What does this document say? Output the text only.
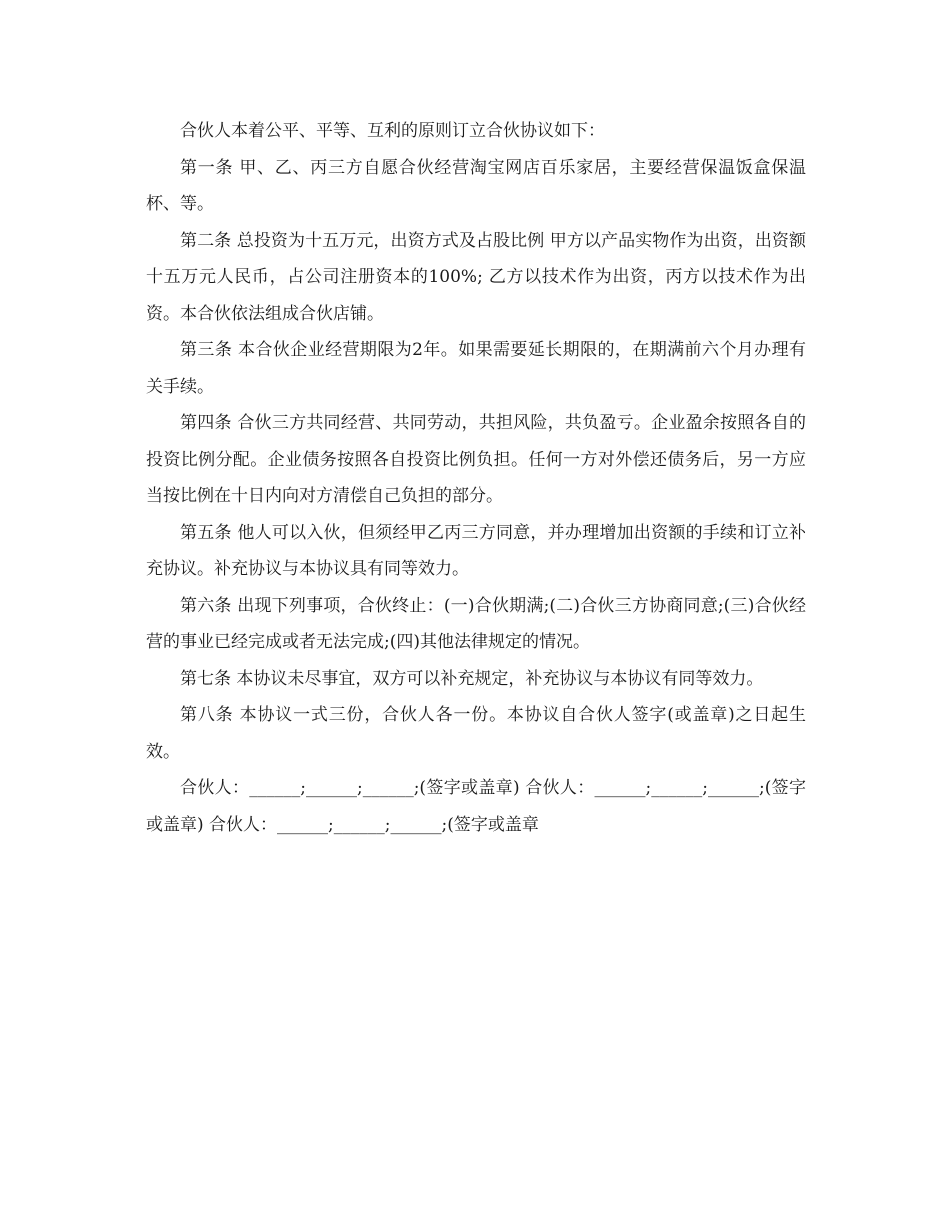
合伙人本着公平、平等、互利的原则订立合伙协议如下：

第一条 甲、乙、丙三方自愿合伙经营淘宝网店百乐家居，主要经营保温饭盒保温杯、等。

第二条 总投资为十五万元，出资方式及占股比例 甲方以产品实物作为出资，出资额十五万元人民币，占公司注册资本的100%; 乙方以技术作为出资，丙方以技术作为出资。本合伙依法组成合伙店铺。

第三条 本合伙企业经营期限为2年。如果需要延长期限的，在期满前六个月办理有关手续。

第四条 合伙三方共同经营、共同劳动，共担风险，共负盈亏。企业盈余按照各自的投资比例分配。企业债务按照各自投资比例负担。任何一方对外偿还债务后，另一方应当按比例在十日内向对方清偿自己负担的部分。

第五条 他人可以入伙，但须经甲乙丙三方同意，并办理增加出资额的手续和订立补充协议。补充协议与本协议具有同等效力。

第六条 出现下列事项，合伙终止：(一)合伙期满;(二)合伙三方协商同意;(三)合伙经营的事业已经完成或者无法完成;(四)其他法律规定的情况。

第七条 本协议未尽事宜，双方可以补充规定，补充协议与本协议有同等效力。

第八条 本协议一式三份，合伙人各一份。本协议自合伙人签字(或盖章)之日起生效。

合伙人：______;______;______;(签字或盖章) 合伙人：______;______;______;(签字或盖章) 合伙人：______;______;______;(签字或盖章
